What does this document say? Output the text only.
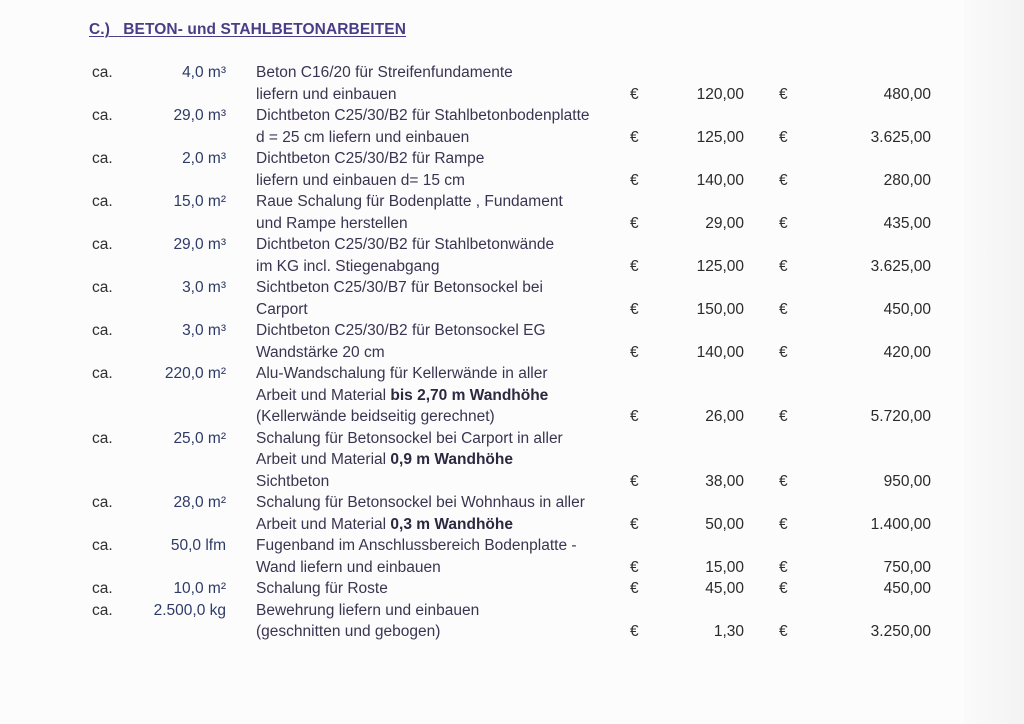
C.) BETON- und STAHLBETONARBEITEN
ca.	4,0 m³ Beton C16/20 für Streifenfundamente
liefern und einbauen	€	120,00 €	480,00
ca.	29,0 m³ Dichtbeton C25/30/B2 für Stahlbetonbodenplatte
d = 25 cm liefern und einbauen	€	125,00 €	3.625,00
ca.	2,0 m³ Dichtbeton C25/30/B2 für Rampe
liefern und einbauen d= 15 cm	€	140,00 €	280,00
ca.	15,0 m² Raue Schalung für Bodenplatte , Fundament
und Rampe herstellen	€	29,00 €	435,00
ca.	29,0 m³ Dichtbeton C25/30/B2 für Stahlbetonwände
im KG incl. Stiegenabgang	€	125,00 €	3.625,00
ca.	3,0 m³ Sichtbeton C25/30/B7 für Betonsockel bei
Carport	€	150,00 €	450,00
ca.	3,0 m³ Dichtbeton C25/30/B2 für Betonsockel EG
Wandstärke 20 cm	€	140,00 €	420,00
ca.	220,0 m² Alu-Wandschalung für Kellerwände in aller
Arbeit und Material bis 2,70 m Wandhöhe
(Kellerwände beidseitig gerechnet)	€	26,00 €	5.720,00
ca.	25,0 m² Schalung für Betonsockel bei Carport in aller
Arbeit und Material 0,9 m Wandhöhe
Sichtbeton	€	38,00 €	950,00
ca.	28,0 m² Schalung für Betonsockel bei Wohnhaus in aller
Arbeit und Material 0,3 m Wandhöhe	€	50,00 €	1.400,00
ca.	50,0 lfm Fugenband im Anschlussbereich Bodenplatte -
Wand liefern und einbauen	€	15,00 €	750,00
ca.	10,0 m² Schalung für Roste	€	45,00 €	450,00
ca.	2.500,0 kg Bewehrung liefern und einbauen
(geschnitten und gebogen)	€	1,30 €	3.250,00
